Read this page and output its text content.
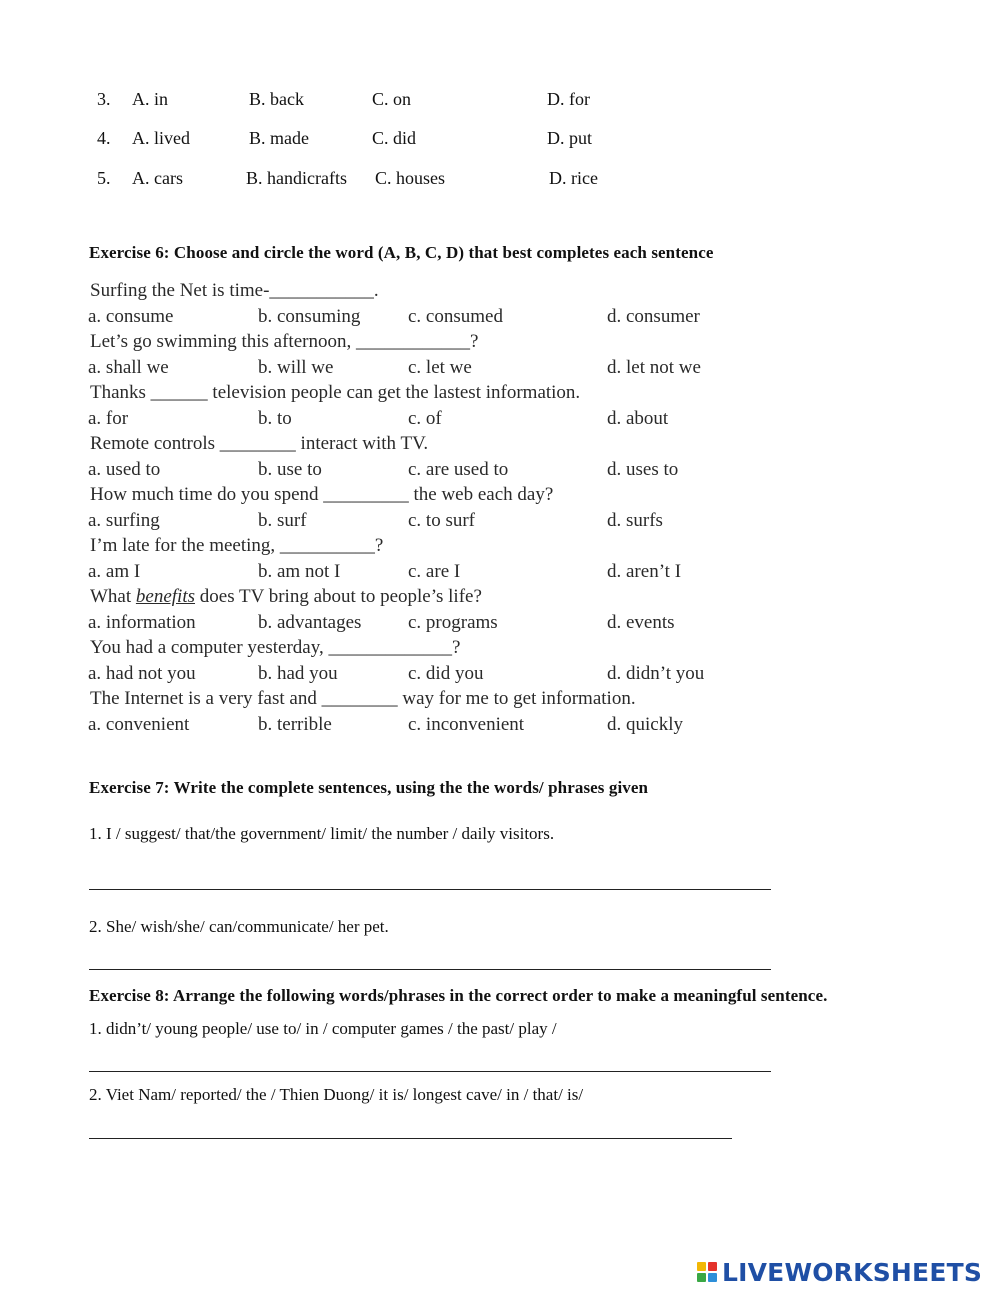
3. A. in	B. back	C. on	D. for
4. A. lived	B. made	C. did	D. put
5. A. cars	B. handicrafts C. houses	D. rice
Exercise 6: Choose and circle the word (A, B, C, D) that best completes each sentence
Surfing the Net is time-___________.
a. consume	b. consuming	c. consumed	d. consumer
Let’s go swimming this afternoon, ____________?
a. shall we	b. will we	c. let we	d. let not we
Thanks ______ television people can get the lastest information.
a. for	b. to	c. of	d. about
Remote controls ________ interact with TV.
a. used to	b. use to	c. are used to	d. uses to
How much time do you spend _________ the web each day?
a. surfing	b. surf	c. to surf	d. surfs
I’m late for the meeting, __________?
a. am I	b. am not I	c. are I	d. aren’t I
What benefits does TV bring about to people’s life?
a. information	b. advantages c. programs	d. events
You had a computer yesterday, _____________?
a. had not you	b. had you	c. did you	d. didn’t you
The Internet is a very fast and ________ way for me to get information.
a. convenient	b. terrible	c. inconvenient	d. quickly
Exercise 7: Write the complete sentences, using the the words/ phrases given
1. I / suggest/ that/the government/ limit/ the number / daily visitors.
2. She/ wish/she/ can/communicate/ her pet.
Exercise 8: Arrange the following words/phrases in the correct order to make a meaningful sentence.
1. didn’t/ young people/ use to/ in / computer games / the past/ play /
2. Viet Nam/ reported/ the / Thien Duong/ it is/ longest cave/ in / that/ is/
LIVEWORKSHEETS
